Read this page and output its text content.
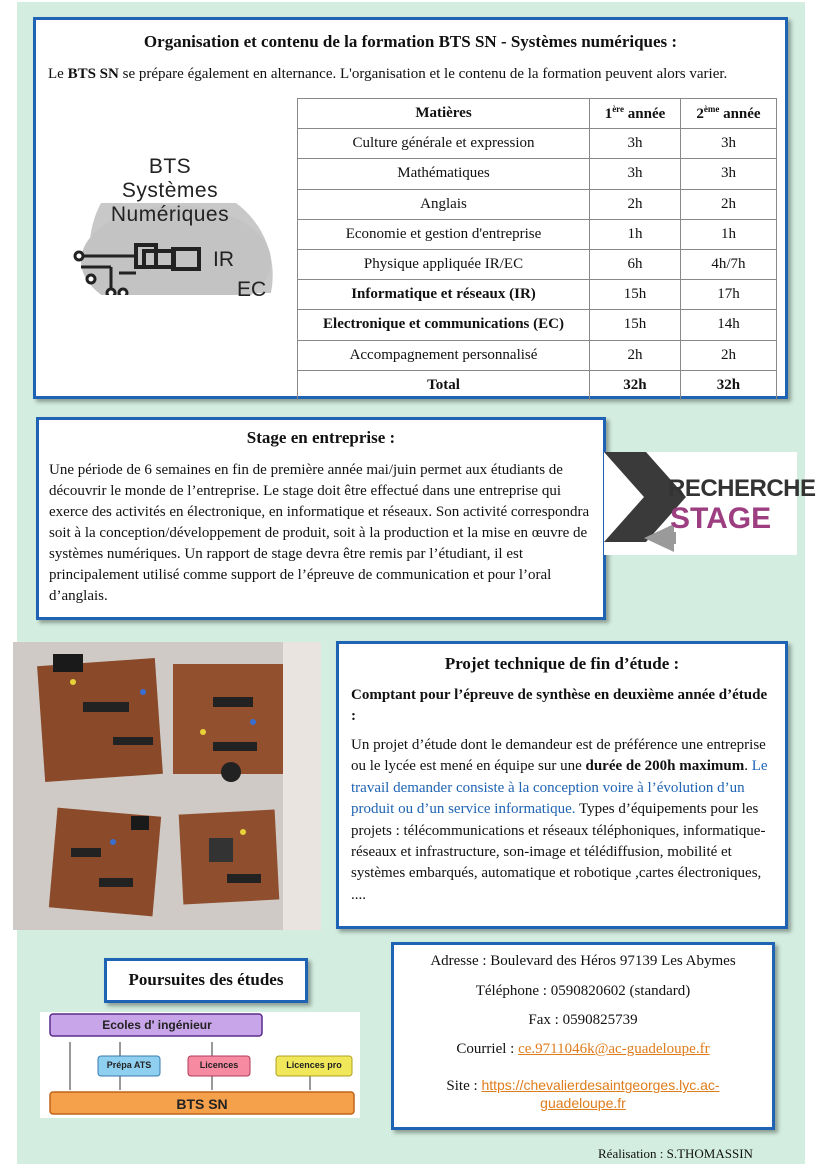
Organisation et contenu de la formation BTS SN - Systèmes numériques :
Le BTS SN se prépare également en alternance. L'organisation et le contenu de la formation peuvent alors varier.
BTS
Systèmes
Numériques
IR
EC
Matières	1ère année	2ème année
Culture générale et expression	3h	3h
Mathématiques	3h	3h
Anglais	2h	2h
Economie et gestion d'entreprise	1h	1h
Physique appliquée IR/EC	6h	4h/7h
Informatique et réseaux (IR)	15h	17h
Electronique et communications (EC)	15h	14h
Accompagnement personnalisé	2h	2h
Total	32h	32h
Stage en entreprise :
Une période de 6 semaines en fin de première année mai/juin permet aux étudiants de découvrir le monde de l’entreprise. Le stage doit être effectué dans une entreprise qui exerce des activités en électronique, en informatique et réseaux. Son activité correspondra soit à la conception/développement de produit, soit à la production et la mise en œuvre de systèmes numériques. Un rapport de stage devra être remis par l’étudiant, il est principalement utilisé comme support de l’épreuve de communication et pour l’oral d’anglais.
RECHERCHE
STAGE
Projet technique de fin d’étude :
Comptant pour l’épreuve de synthèse en deuxième année d’étude :
Un projet d’étude dont le demandeur est de préférence une entreprise ou le lycée est mené en équipe sur une durée de 200h maximum. Le travail demander consiste à la conception voire à l’évolution d’un produit ou d’un service informatique. Types d’équipements pour les projets : télécommunications et réseaux téléphoniques, informatique-réseaux et infrastructure, son-image et télédiffusion, mobilité et systèmes embarqués, automatique et robotique ,cartes électroniques, ....
Poursuites des études
Ecoles d' ingénieur
Prépa ATS	Licences	Licences pro
BTS SN
Adresse : Boulevard des Héros 97139 Les Abymes
Téléphone : 0590820602 (standard)
Fax : 0590825739
Courriel : ce.9711046k@ac-guadeloupe.fr
Site : https://chevalierdesaintgeorges.lyc.ac-
guadeloupe.fr
Réalisation : S.THOMASSIN
